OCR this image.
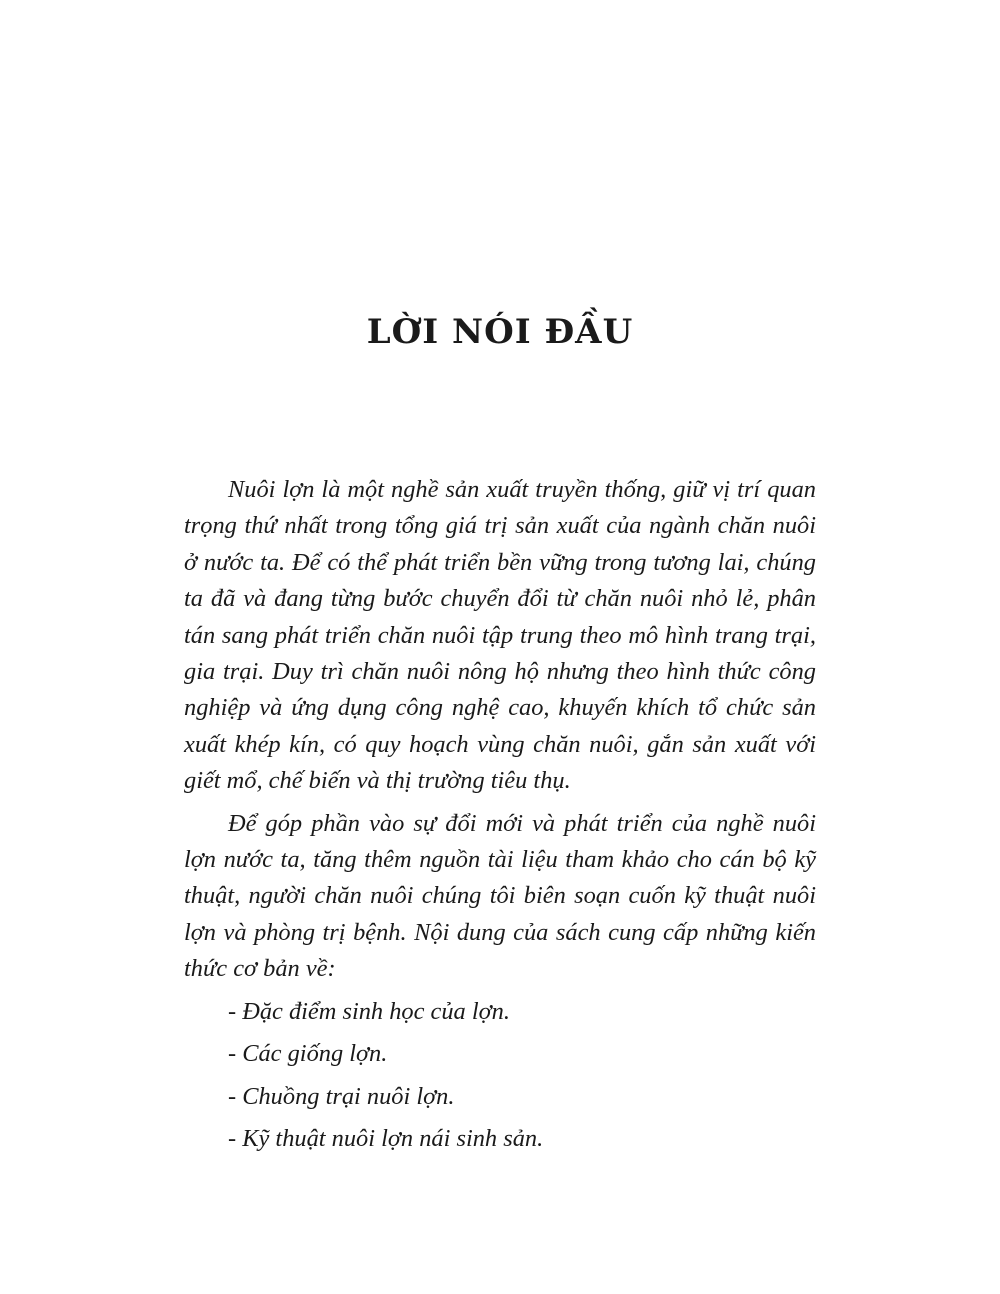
LỜI NÓI ĐẦU

Nuôi lợn là một nghề sản xuất truyền thống, giữ vị trí quan trọng thứ nhất trong tổng giá trị sản xuất của ngành chăn nuôi ở nước ta. Để có thể phát triển bền vững trong tương lai, chúng ta đã và đang từng bước chuyển đổi từ chăn nuôi nhỏ lẻ, phân tán sang phát triển chăn nuôi tập trung theo mô hình trang trại, gia trại. Duy trì chăn nuôi nông hộ nhưng theo hình thức công nghiệp và ứng dụng công nghệ cao, khuyến khích tổ chức sản xuất khép kín, có quy hoạch vùng chăn nuôi, gắn sản xuất với giết mổ, chế biến và thị trường tiêu thụ.

Để góp phần vào sự đổi mới và phát triển của nghề nuôi lợn nước ta, tăng thêm nguồn tài liệu tham khảo cho cán bộ kỹ thuật, người chăn nuôi chúng tôi biên soạn cuốn kỹ thuật nuôi lợn và phòng trị bệnh. Nội dung của sách cung cấp những kiến thức cơ bản về:

- Đặc điểm sinh học của lợn.

- Các giống lợn.

- Chuồng trại nuôi lợn.

- Kỹ thuật nuôi lợn nái sinh sản.
